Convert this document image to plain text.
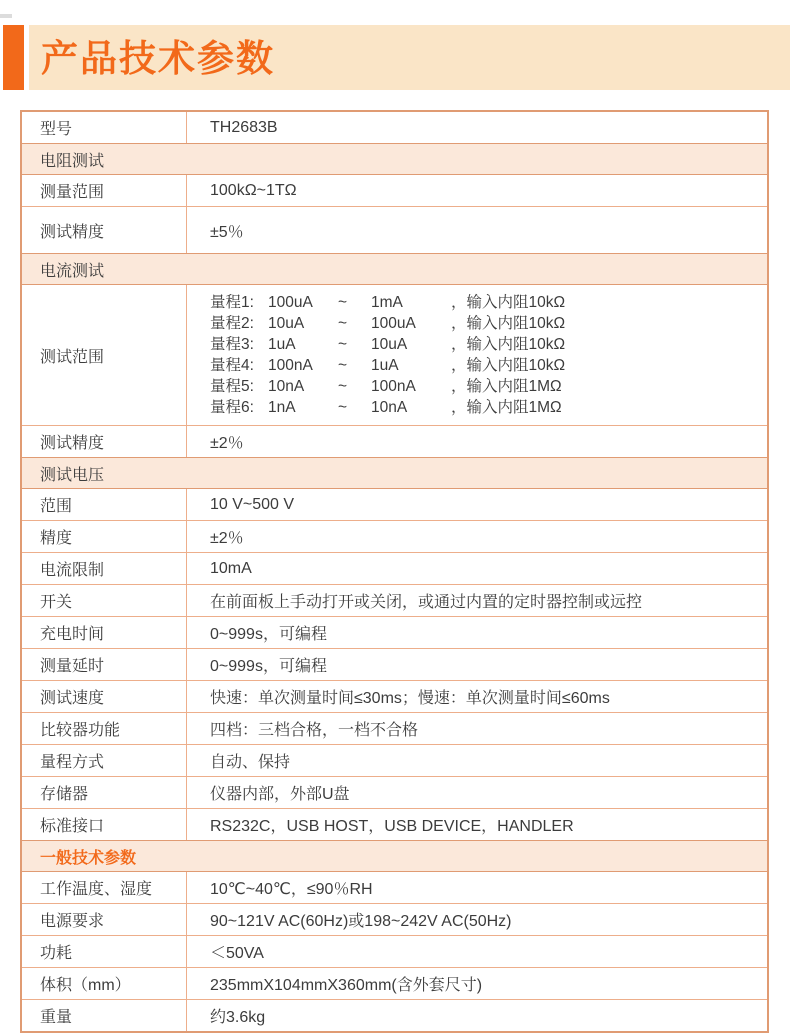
产品技术参数
型号	TH2683B
电阻测试
测量范围	100kΩ~1TΩ
测试精度	±5％
电流测试
测试范围
量程1: 100uA ~ 1mA	，输入内阻10kΩ
量程2: 10uA ~ 100uA ，输入内阻10kΩ
量程3: 1uA	~ 10uA	，输入内阻10kΩ
量程4: 100nA ~ 1uA	，输入内阻10kΩ
量程5: 10nA ~ 100nA ，输入内阻1MΩ
量程6: 1nA	~ 10nA	，输入内阻1MΩ
测试精度	±2％
测试电压
范围	10 V~500 V
精度	±2％
电流限制	10mA
开关	在前面板上手动打开或关闭，或通过内置的定时器控制或远控
充电时间	0~999s，可编程
测量延时	0~999s，可编程
测试速度	快速：单次测量时间≤30ms；慢速：单次测量时间≤60ms
比较器功能	四档：三档合格，一档不合格
量程方式	自动、保持
存储器	仪器内部，外部U盘
标准接口	RS232C，USB HOST，USB DEVICE，HANDLER
一般技术参数
工作温度、湿度	10℃~40℃，≤90％RH
电源要求	90~121V AC(60Hz)或198~242V AC(50Hz)
功耗	＜50VA
体积（mm）	235mmX104mmX360mm(含外套尺寸)
重量	约3.6kg
